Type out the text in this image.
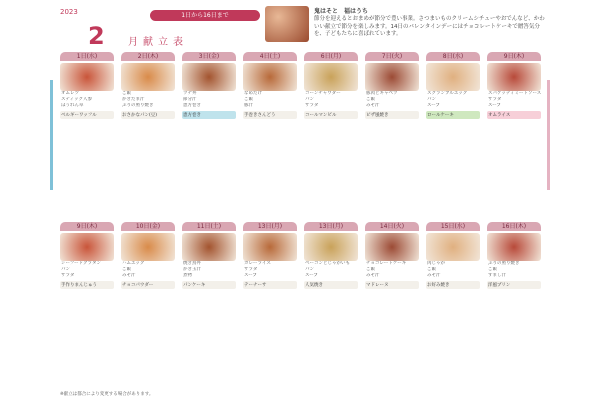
2023
2 月献立表
1日から16日まで
鬼はそと　福はうち
節分を迎えるとおまめが節分で豊い事業。さつまいものクリームシチューやおでんなど、かわいい献立で節分を楽しみます。14日のバレンタインデーにはチョコレートケーキで贈答気分を、子どもたちに喜ばれています。
1日(水)
オムレツ
スティック人参
ほうれん草
ベルギーワッフル
2日(木)
ご飯
かきたま汁
ぶりの照り焼き
おさかなパン(豆)
3日(金)
ツナ丼
節分汁
恵方巻き
恵方巻き
4日(土)
なめたけ
ご飯
豚汁
手巻きさんどう
6日(月)
コーンチャウダー
パン
サラダ
コールマンビル
7日(火)
豚肉とキャベツ
ご飯
みそ汁
ピザ風焼き
8日(水)
スクランブルエッグ
パン
スープ
ロールケーキ
9日(木)
スパゲッティミートソース
サラダ
スープ
オムライス
9日(木)
シーフードグラタン
パン
サラダ
手作りまんじゅう
10日(金)
ハムエッグ
ご飯
みそ汁
チョコパウダー
11日(土)
焼き鳥丼
かき玉汁
煮物
パンケーキ
13日(月)
カレーライス
サラダ
スープ
テーナーサ
13日(月)
ベーコンとじゃがいも
パン
スープ
人気焼き
14日(火)
チョコレートケーキ
ご飯
みそ汁
マドレーヌ
15日(水)
肉じゃが
ご飯
みそ汁
お好み焼き
16日(木)
ぶりの照り焼き
ご飯
すまし汁
洋風プリン
※献立は都合により変更する場合があります。
